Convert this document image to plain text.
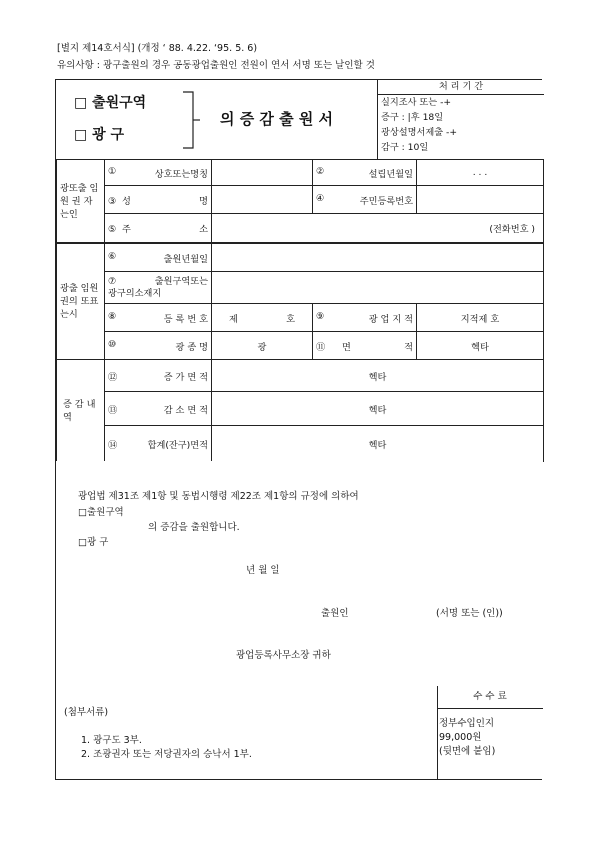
[별지 제14호서식] (개정 ‘ 88. 4.22. ‘95. 5. 6)
유의사항 : 광구출원의 경우 공동광업출원인 전원이 연서 서명 또는 날인할 것
□ 출원구역
□ 광 구
의 증 감 출 원 서
처 리 기 간
실지조사 또는 -+
증구 : |후 18일
광상설명서제출 -+
감구 : 10일
광또출 임 원 권 자는인	① 상호또는명칭		② 설립년월일	. . .
	③ 성 명		④ 주민등록번호	

	⑤ 주 소	(전화번호 )		
광출 임원 권의 또표 는시	⑥ 출원년월일			

	⑦ 출원구역또는
광구의소재지			

	⑧ 등 록 번 호	제 호	⑨ 광 업 지 적	지적제 호
	⑩ 광 종 명	광	⑪ 면 적	헥타
증 감 내 역	⑫ 증 가 면 적	헥타
	⑬ 감 소 면 적	헥타
	⑭ 합계(잔구)면적	헥타
광업법 제31조 제1항 및 동법시행령 제22조 제1항의 규정에 의하여
□출원구역
의 증감을 출원합니다.
□광 구
년 월 일
출원인	(서명 또는 (인))
광업등록사무소장 귀하
(첨부서류)
1. 광구도 3부.
2. 조광권자 또는 저당권자의 승낙서 1부.
수 수 료
정부수입인지
99,000원
(뒷면에 붙임)
